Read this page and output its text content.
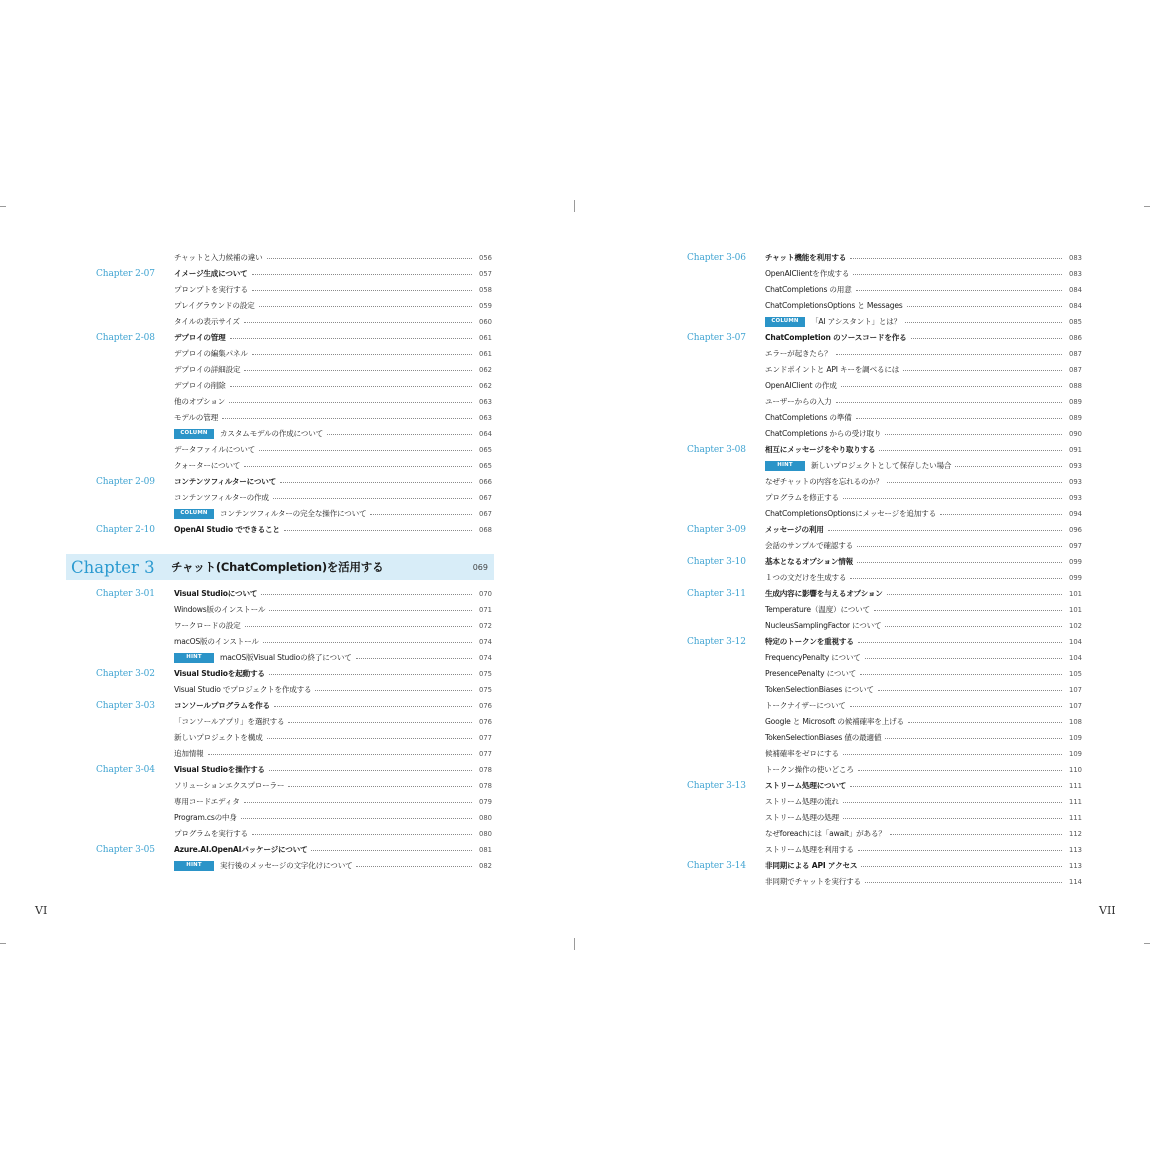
チャットと入力候補の違い	056
Chapter 2-07	イメージ生成について	057
プロンプトを実行する	058
プレイグラウンドの設定	059
タイルの表示サイズ	060
Chapter 2-08	デプロイの管理	061
デプロイの編集パネル	061
デプロイの詳細設定	062
デプロイの削除	062
他のオプション	063
モデルの管理	063
COLUMN	カスタムモデルの作成について	064
データファイルについて	065
クォーターについて	065
Chapter 2-09	コンテンツフィルターについて	066
コンテンツフィルターの作成	067
COLUMN	コンテンツフィルターの完全な操作について	067
Chapter 2-10	OpenAI Studio でできること	068
Chapter 3	チャット(ChatCompletion)を活用する	069
Chapter 3-01	Visual Studioについて	070
Windows版のインストール	071
ワークロードの設定	072
macOS版のインストール	074
HINT	macOS版Visual Studioの終了について	074
Chapter 3-02	Visual Studioを起動する	075
Visual Studio でプロジェクトを作成する	075
Chapter 3-03	コンソールプログラムを作る	076
「コンソールアプリ」を選択する	076
新しいプロジェクトを構成	077
追加情報	077
Chapter 3-04	Visual Studioを操作する	078
ソリューションエクスプローラー	078
専用コードエディタ	079
Program.csの中身	080
プログラムを実行する	080
Chapter 3-05	Azure.AI.OpenAIパッケージについて	081
HINT	実行後のメッセージの文字化けについて	082
Chapter 3-06	チャット機能を利用する	083
OpenAIClientを作成する	083
ChatCompletions の用意	084
ChatCompletionsOptions と Messages	084
COLUMN	「AI アシスタント」とは？	085
Chapter 3-07	ChatCompletion のソースコードを作る	086
エラーが起きたら？	087
エンドポイントと API キーを調べるには	087
OpenAIClient の作成	088
ユーザーからの入力	089
ChatCompletions の準備	089
ChatCompletions からの受け取り	090
Chapter 3-08	相互にメッセージをやり取りする	091
HINT	新しいプロジェクトとして保存したい場合	093
なぜチャットの内容を忘れるのか？	093
プログラムを修正する	093
ChatCompletionsOptionsにメッセージを追加する	094
Chapter 3-09	メッセージの利用	096
会話のサンプルで確認する	097
Chapter 3-10	基本となるオプション情報	099
１つの文だけを生成する	099
Chapter 3-11	生成内容に影響を与えるオプション	101
Temperature（温度）について	101
NucleusSamplingFactor について	102
Chapter 3-12	特定のトークンを重視する	104
FrequencyPenalty について	104
PresencePenalty について	105
TokenSelectionBiases について	107
トークナイザーについて	107
Google と Microsoft の候補確率を上げる	108
TokenSelectionBiases 値の最適値	109
候補確率をゼロにする	109
トークン操作の使いどころ	110
Chapter 3-13	ストリーム処理について	111
ストリーム処理の流れ	111
ストリーム処理の処理	111
なぜforeachには「await」がある？	112
ストリーム処理を利用する	113
Chapter 3-14	非同期による API アクセス	113
非同期でチャットを実行する	114
VI	VII
